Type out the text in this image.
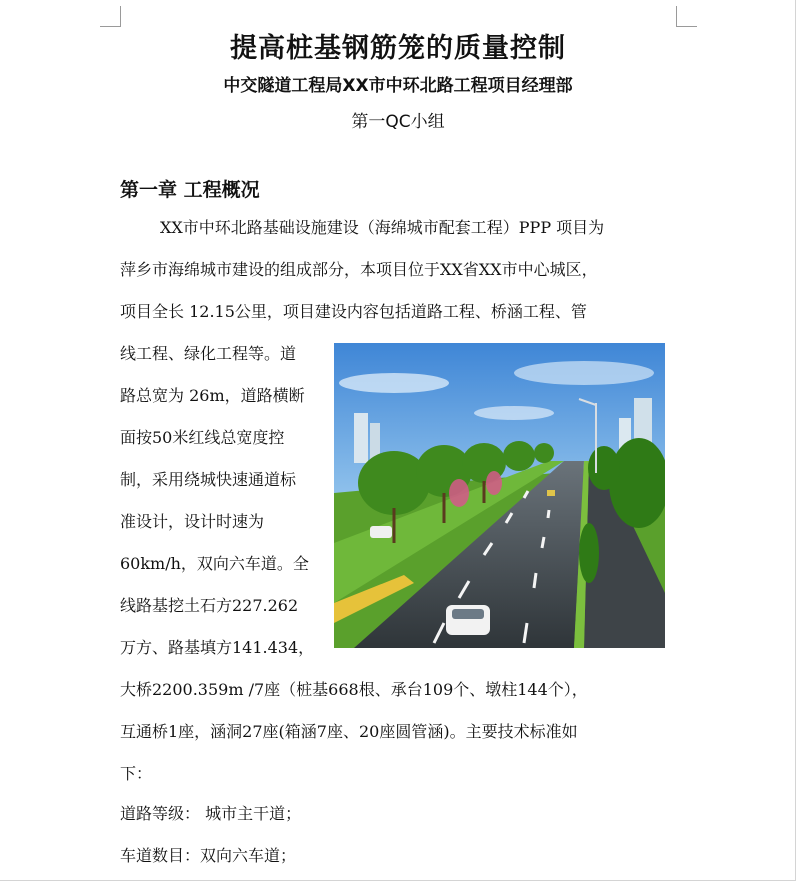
提高桩基钢筋笼的质量控制
中交隧道工程局XX市中环北路工程项目经理部
第一QC小组
第一章 工程概况
XX市中环北路基础设施建设（海绵城市配套工程）PPP 项目为
萍乡市海绵城市建设的组成部分，本项目位于XX省XX市中心城区，
项目全长 12.15公里，项目建设内容包括道路工程、桥涵工程、管
线工程、绿化工程等。道
路总宽为 26m，道路横断
面按50米红线总宽度控
制，采用绕城快速通道标
准设计，设计时速为
60km/h，双向六车道。全
线路基挖土石方227.262
万方、路基填方141.434，
大桥2200.359m /7座（桩基668根、承台109个、墩柱144个），
互通桥1座，涵洞27座(箱涵7座、20座圆管涵)。主要技术标准如
下：
道路等级： 城市主干道；
车道数目：双向六车道；
